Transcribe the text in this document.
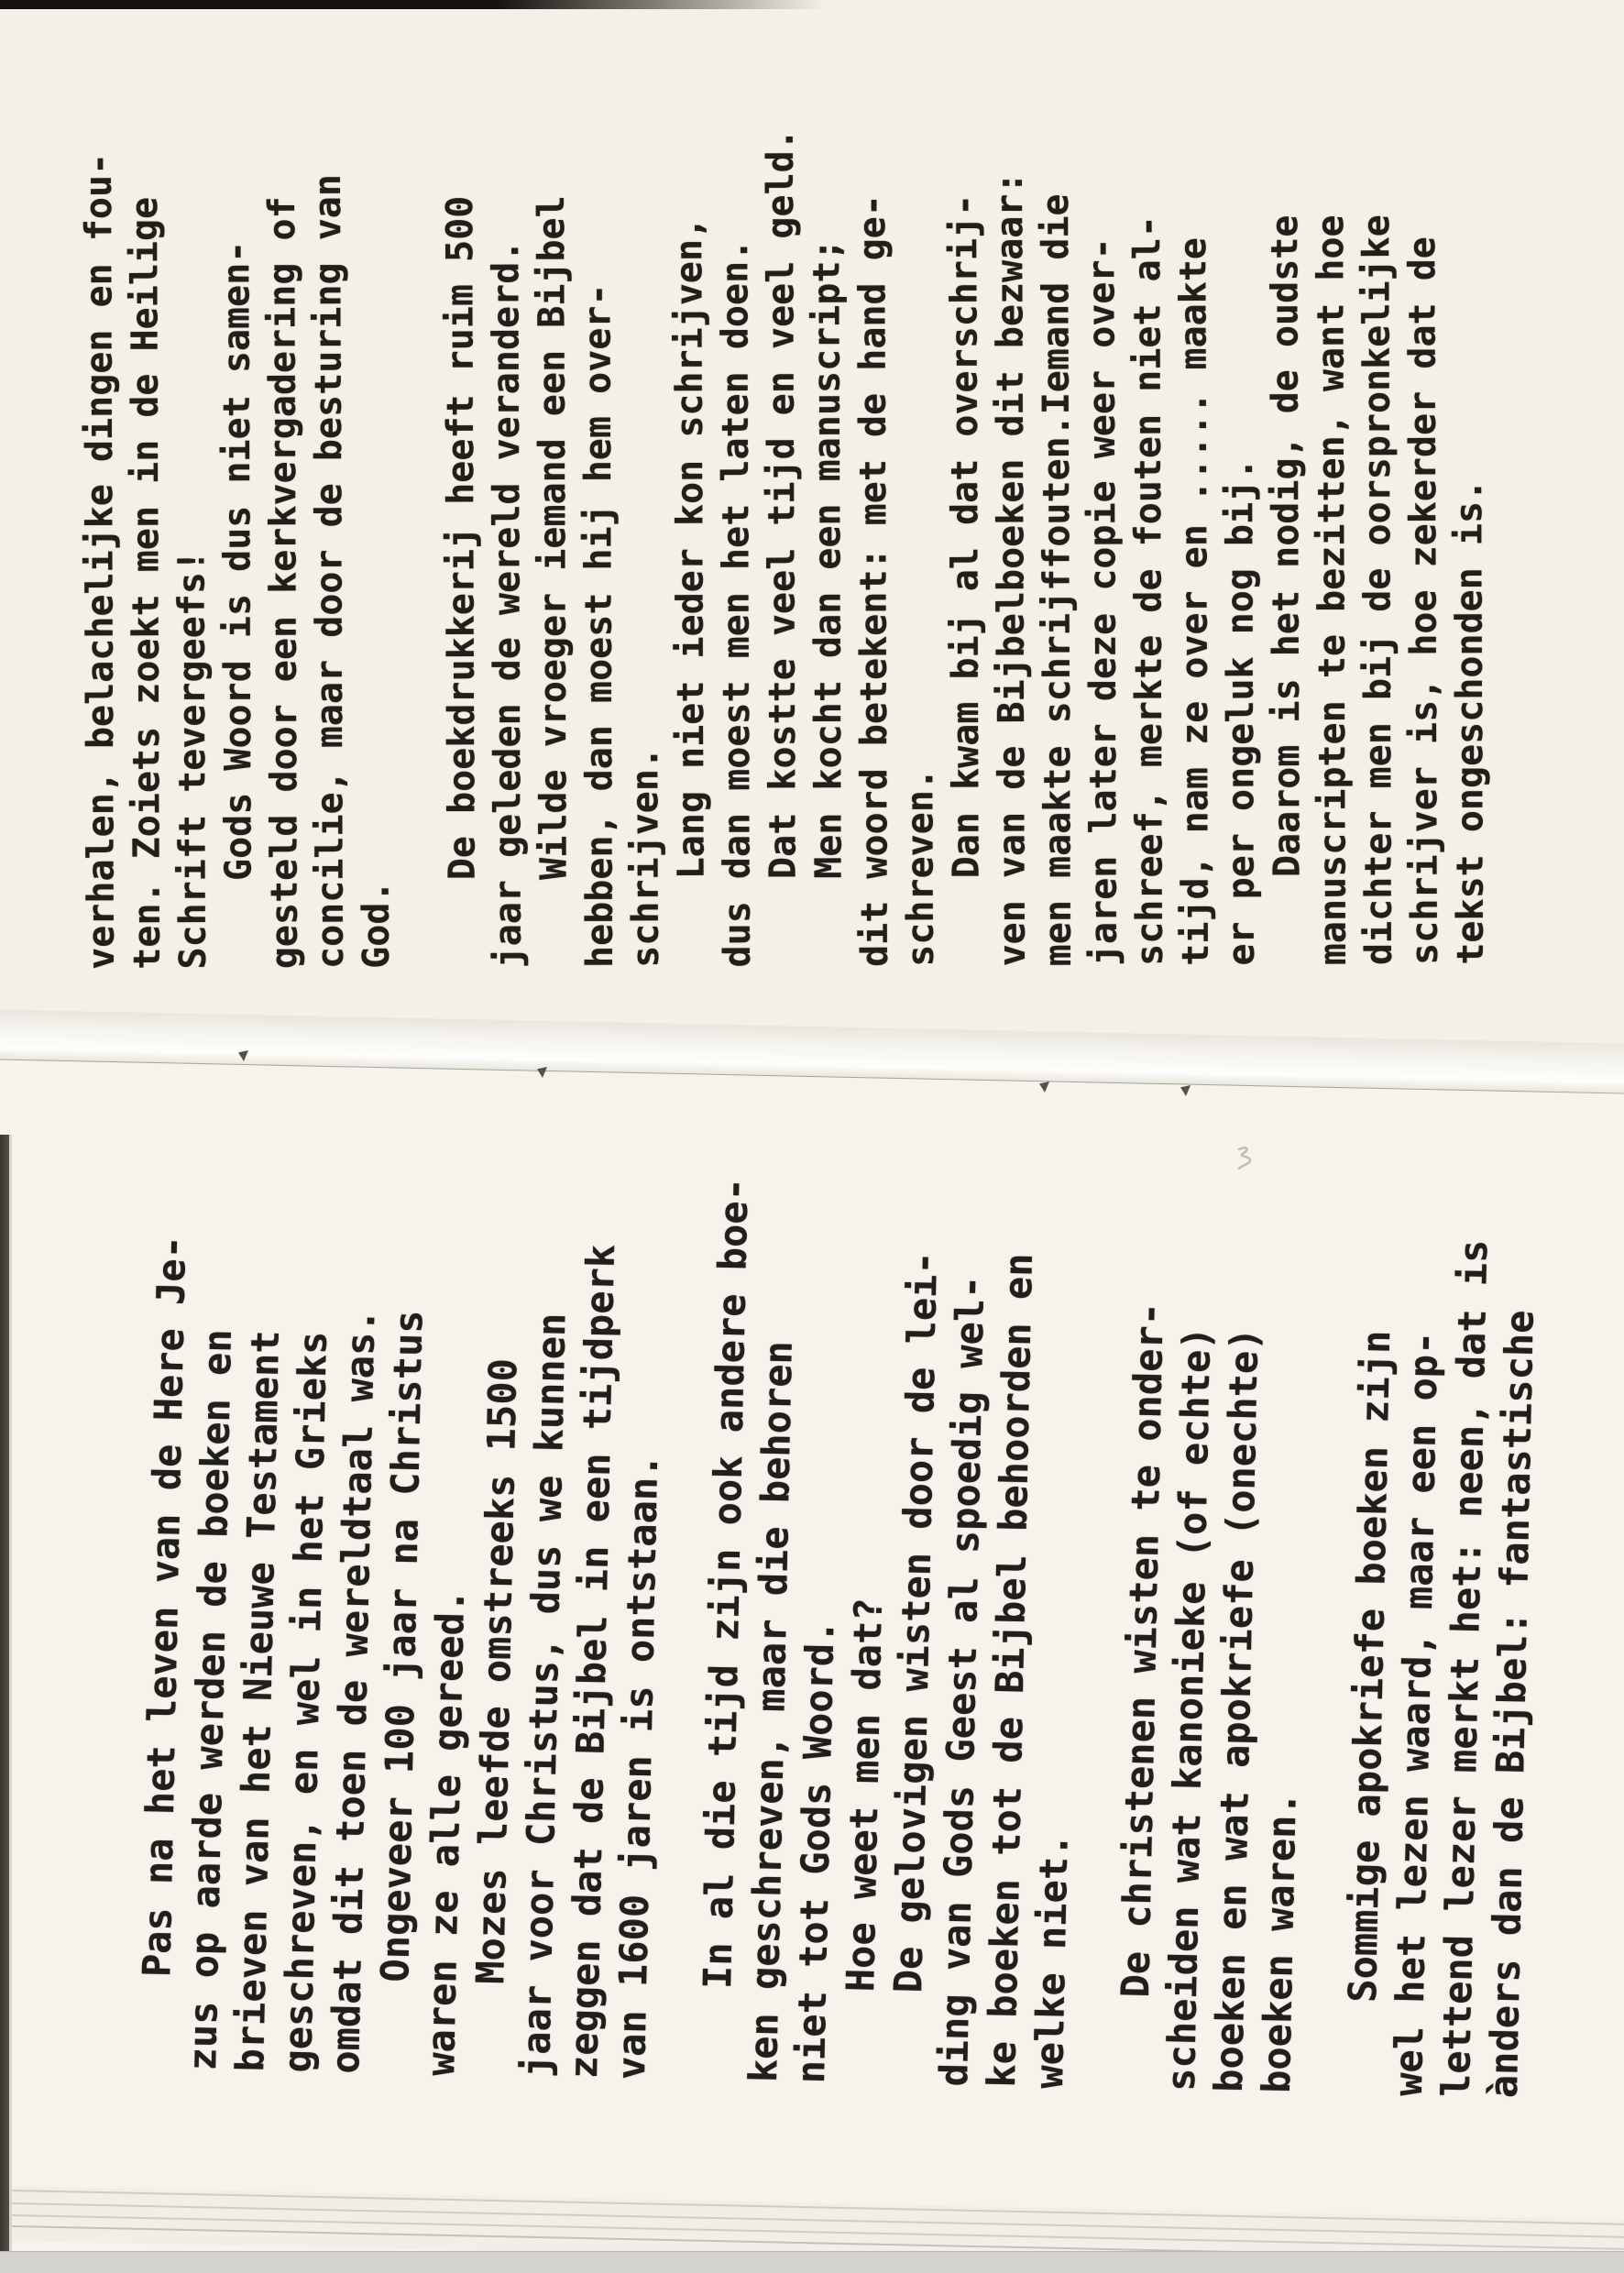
verhalen, belachelijke dingen en fou-
ten. Zoiets zoekt men in de Heilige
Schrift tevergeefs!
Gods Woord is dus niet samen-
gesteld door een kerkvergadering of
concilie, maar door de besturing van
God. De boekdrukkerij heeft ruim 500
jaar geleden de wereld veranderd.
Wilde vroeger iemand een Bijbel
hebben, dan moest hij hem over-
schrijven.
Lang niet ieder kon schrijven,
dus dan moest men het laten doen.
Dat kostte veel tijd en veel geld.
Men kocht dan een manuscript;
dit woord betekent: met de hand ge-
schreven.
Dan kwam bij al dat overschrij-
ven van de Bijbelboeken dit bezwaar:
men maakte schrijffouten.Iemand die
jaren later deze copie weer over-
schreef, merkte de fouten niet al-
tijd, nam ze over en ..... maakte
er per ongeluk nog bij.
Daarom is het nodig, de oudste
manuscripten te bezitten, want hoe
dichter men bij de oorspronkelijke
schrijver is, hoe zekerder dat de
tekst ongeschonden is.
Pas na het leven van de Here Je-
zus op aarde werden de boeken en
brieven van het Nieuwe Testament
geschreven, en wel in het Grieks
omdat dit toen de wereldtaal was.
Ongeveer 100 jaar na Christus
waren ze alle gereed.
Mozes leefde omstreeks 1500
jaar voor Christus, dus we kunnen
zeggen dat de Bijbel in een tijdperk
van 1600 jaren is ontstaan. In al die tijd zijn ook andere boe-
ken geschreven, maar die behoren
niet tot Gods Woord.
Hoe weet men dat?
De gelovigen wisten door de lei-
ding van Gods Geest al spoedig wel-
ke boeken tot de Bijbel behoorden en
welke niet. De christenen wisten te onder-
scheiden wat kanonieke (of echte)
boeken en wat apokriefe (onechte)
boeken waren. Sommige apokriefe boeken zijn
wel het lezen waard, maar een op-
lettend lezer merkt het: neen, dat is
ànders dan de Bijbel: fantastische
